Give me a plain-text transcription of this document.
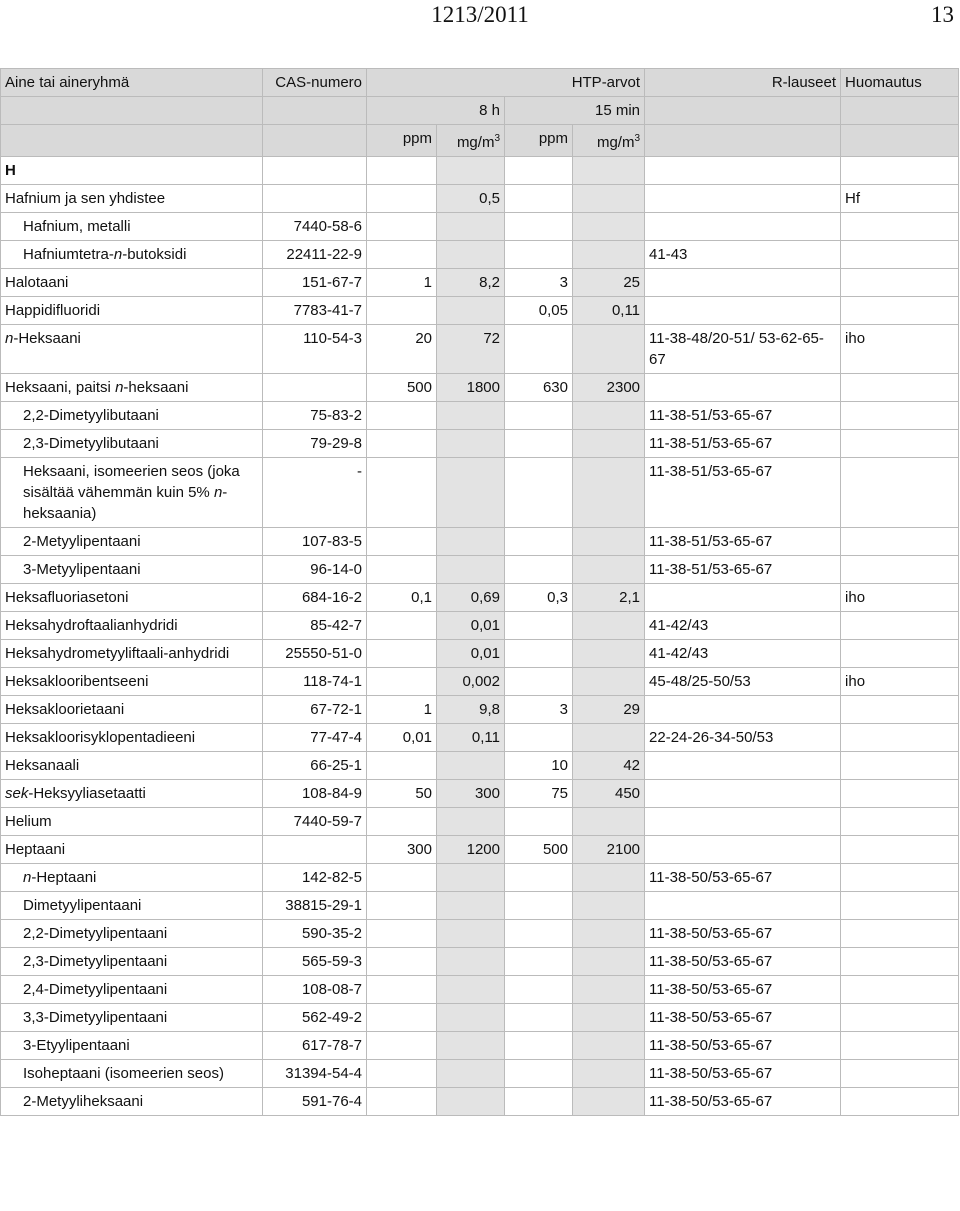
1213/2011	13
Aine tai aineryhmä	CAS-numero	HTP-arvot				R-lauseet	Huomautus
		8 h		15 min			
		ppm	$mg/m^3$	ppm	$mg/m^3$		
H							
Hafnium ja sen yhdistee			0,5				Hf
Hafnium, metalli	7440-58-6						
Hafniumtetra-n-butoksidi	22411-22-9					41-43	
Halotaani	151-67-7	1	8,2	3	25		
Happidifluoridi	7783-41-7			0,05	0,11		
n-Heksaani	110-54-3	20	72			11-38-48/20-51/ 53-62-65-67	iho
Heksaani, paitsi n-heksaani		500	1800	630	2300		
2,2-Dimetyylibutaani	75-83-2					11-38-51/53-65-67	
2,3-Dimetyylibutaani	79-29-8					11-38-51/53-65-67	
Heksaani, isomeerien seos (joka sisältää vähemmän kuin 5% n-heksaania)	-					11-38-51/53-65-67	
2-Metyylipentaani	107-83-5					11-38-51/53-65-67	
3-Metyylipentaani	96-14-0					11-38-51/53-65-67	
Heksafluoriasetoni	684-16-2	0,1	0,69	0,3	2,1		iho
Heksahydroftaalianhydridi	85-42-7		0,01			41-42/43	
Heksahydrometyyliftaali-anhydridi	25550-51-0		0,01			41-42/43	
Heksaklooribentseeni	118-74-1		0,002			45-48/25-50/53	iho
Heksakloorietaani	67-72-1	1	9,8	3	29		
Heksakloorisyklopentadieeni	77-47-4	0,01	0,11			22-24-26-34-50/53	
Heksanaali	66-25-1			10	42		
sek-Heksyyliasetaatti	108-84-9	50	300	75	450		
Helium	7440-59-7						
Heptaani		300	1200	500	2100		
n-Heptaani	142-82-5					11-38-50/53-65-67	
Dimetyylipentaani	38815-29-1						
2,2-Dimetyylipentaani	590-35-2					11-38-50/53-65-67	
2,3-Dimetyylipentaani	565-59-3					11-38-50/53-65-67	
2,4-Dimetyylipentaani	108-08-7					11-38-50/53-65-67	
3,3-Dimetyylipentaani	562-49-2					11-38-50/53-65-67	
3-Etyylipentaani	617-78-7					11-38-50/53-65-67	
Isoheptaani (isomeerien seos)	31394-54-4					11-38-50/53-65-67	
2-Metyyliheksaani	591-76-4					11-38-50/53-65-67	
